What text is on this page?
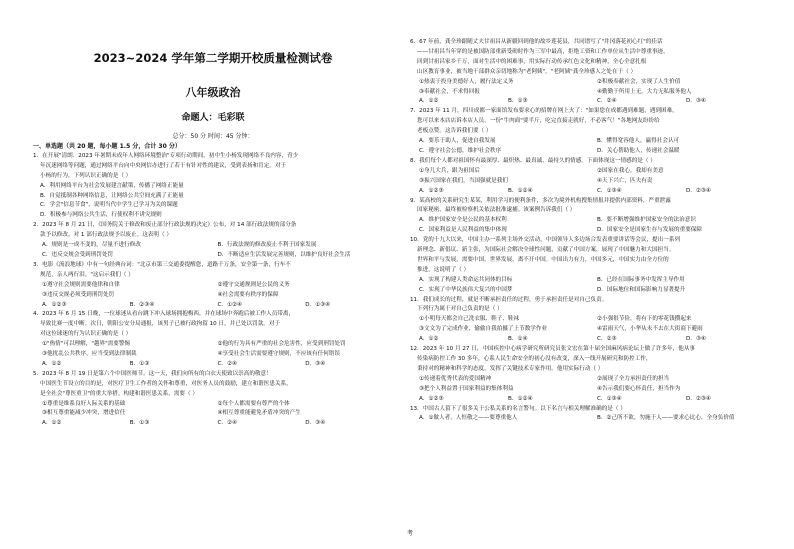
2023~2024 学年第二学期开校质量检测试卷
八年级政治
命题人：毛彩联
总分：50 分 时间：45 分钟：
一、单选题（共 20 题，每小题 1.5 分，合计 30 分）
1．在开展"清朗．2023 年暑期未成年人网络环境整治"专项行动期间，初中生小杨发现网络不良内容，青少
年沉迷网络等问题，通过网络平台向中央网信办进行了若干有针对性的建议，受到表扬和肯定。对于
小杨的行为，下列认识正确的是（ ）
A．利用网络平台为社会发展建言献策，传播了网络正能量
B．自觉抵制各种网络信息，让网络公共空间充满了正能量
C．学会"信息节食"，说明当代中学生已学习为关的课题
D．积极参与网络公共生活，行使权利不讲究规则
2．2023 年 8 月 21 日，《国务院关于修改和废止部分行政法规的决定》公布，对 14 部行政法规的部分条
款予以修改，对 1 部行政法规予以废止。这表明（ ）
A．规则是一成不变的，尽量不进行修改	B．行政法规的修改废止不利于国家发展
C．违反交规会受到刑罚处罚	D．不断适应生活发展完善规则，以维护良好社会生活
3．电影《流浪地球》中有一句经典台词："北京市第三交通委提醒您，道路千万条，安全第一条，行车不
规范，亲人两行泪。"这启示我们（ ）
①遵守社会规则需要他律和自律	②遵守交通规则是公民的义务
③违反交规必须受到刑罚处罚	④社会需要有秩序的保障
A．①②③	B．②③④	C．①②④	D．①③④
4．2023 年 6 月 15 日晚，一位球迷从看台跳下冲入球场拥抱梅西，并在球场中奔跑后被工作人员带离，
导致比赛一度中断。次日，朝阳公安分局通报，该男子已被行政拘留 10 日，并已处以罚款。对于
对这位球迷的行为认识正确的是（ ）
①"热情"可以理解，"越界"需要警惕	②他的行为具有严重的社会危害性，应受到刑罚处罚
③他扰乱公共秩序，应当受到法律制裁	④享受社会生活需要遵守规则，不应该有任何错误
A．①②	B．①③	C．②④	D．③④
5．2023 年 8 月 19 日是第六个中国医师节。这一天，我们向所有的白衣天使致以崇高的敬意！
中国医生节设立的目的是，对医疗卫生工作者的关怀和尊重，对医务人员的鼓励，建立和谐医患关系，
是全社会"尊医重卫"的重大举措。构建和谐医患关系，需要（ ）
①尊重是维系良好人际关系的基础	②每个人都需要有尊严的个体
③相互尊重能减少冲突，增进信任	④相互尊重能避免矛盾冲突的产生
A．①②	B．①③	C．②④	D．③④
6．67 年前，龚全珍跟随丈夫甘祖昌从新疆回到他的故乡莲花县，共同谱写了"井冈落花初心红"的佳话
——甘祖昌当年穿的是被国防部重新受勋时作为三军中最高，拒绝工资和工作单位从生活中尊重事迹，
回到甘祖昌家乡千万，面对生活中的困难事，用实际行动传承红色文化和精神，全心全意扎根
山区教育事业，被当地干部群众亲切地称为"老阿姨"。"老阿姨"龚全珍感人之处在于（ ）
①热衷于投身美德好人，履行法定义务	②积极奉献社会，实现了人生价值
③奉献社会，不求得回报	④勤勤于所用上无，大力无私服务他人
A．①②	B．①③	C．②④	D．③④
7．2023 年 11 月，四川成都一家面馆发布要求心的招牌在网上火了："如果您在成都遇到难题，遇到困难，
您可以来本店店诉本店人员，一份"牛肉面"要半斤，吃完直接走就好，不必客气！"各地网友纷纷给
老板点赞。这告诉我们要（ ）
A．要乐于助人，促进自我发展	B．懂得宽容他人，赢得社会认可
C．遵守社会公德，维护社会秩序	D．关心帮助他人，传递社会温暖
8．我们每个人都对祖国怀有最深厚、最炽热、最真诚、最持久的情感。下面体现这一情感的是（ ）
①身儿大兵，跟为祖国后	②国家在我心，我却有美意
③振兴国家在我们，当国强就是我们	④天下兴亡，匹夫有责
A．①②③	B．①②④	C．①③④	D．②③④
9．某高校的关系研究生某某，利用学习的便利条件，多次为境外机构搜集情报并提供内部资料，严重泄露
国家秘密，最终被检察机关依法批准逮捕。该案例告诉我们（ ）
A．维护国家安全是公民的基本权利	B．要不断增强维护国家安全的法治意识
C．国家利益是人民利益的集中体现	D．国家安全是国家生存与发展的重要保障
10．党的十九大以来，中国主办一系列主场外交活动，中国领导人多边场合发表重要讲话等会议，提出一系列
新理念、新倡议、新主张，为国际社会解决全球性问题，贡献了中国方案，展现了中国魅力和大国担当。
世界和平与发展，需要中国，世界发展，离不开中国。中国出力有力，中国多元，中国实力由全方位的
推进。这说明了（ ）
A．实现了构建人类命运共同体的目标	B．已经在国际事务中发挥主导作用
C．实现了中华民族伟大复兴的中国梦	D．国际地位和国际影响力显著提升
11．我们成长的过程，就是不断承担责任的过程，勇于承担责任是对自己负责。
下列行为属于对自己负责的是（ ）
①小明每天都会自己洗衣服、鞋子、鞋袜	②小强很节俭，将有下的零花钱攒起来
③文文为了完成作业，偷偷自我拍摄了上节数学作业	④雷雨天气，小华从未不去在大街商下避雨
A．①②	B．①④	C．②③	D．③④
12．2023 年 10 月 27 日，中国疾控中心病学研究所研究员张文宏在第十届全国麻风病论坛上做了许多年，他从事
传染病防控工作 30 多年，心系人民生命安全的初心没有改变，深入一线开展研究和防控工作，
秉持对的精神和科学的态度，发挥了关键技术专家作用。他用实际行动（ ）
①传递着优秀代表的爱国精神	②展现了全力承担责任的担当
③把个人利益置于国家利益的集体利益	④告示我们要心怀责任，担当作为
A．①②③	B．①②④	C．①③④	D．②③④
13．中国古人留下了很多关于公私关系的名言警句。以下名言与相关理解准确的是（ ）
A．①做人者，人恒敬之——要尊重他人	B．②己所不欲，勿施于人——要求心比心，全身负价值
考
